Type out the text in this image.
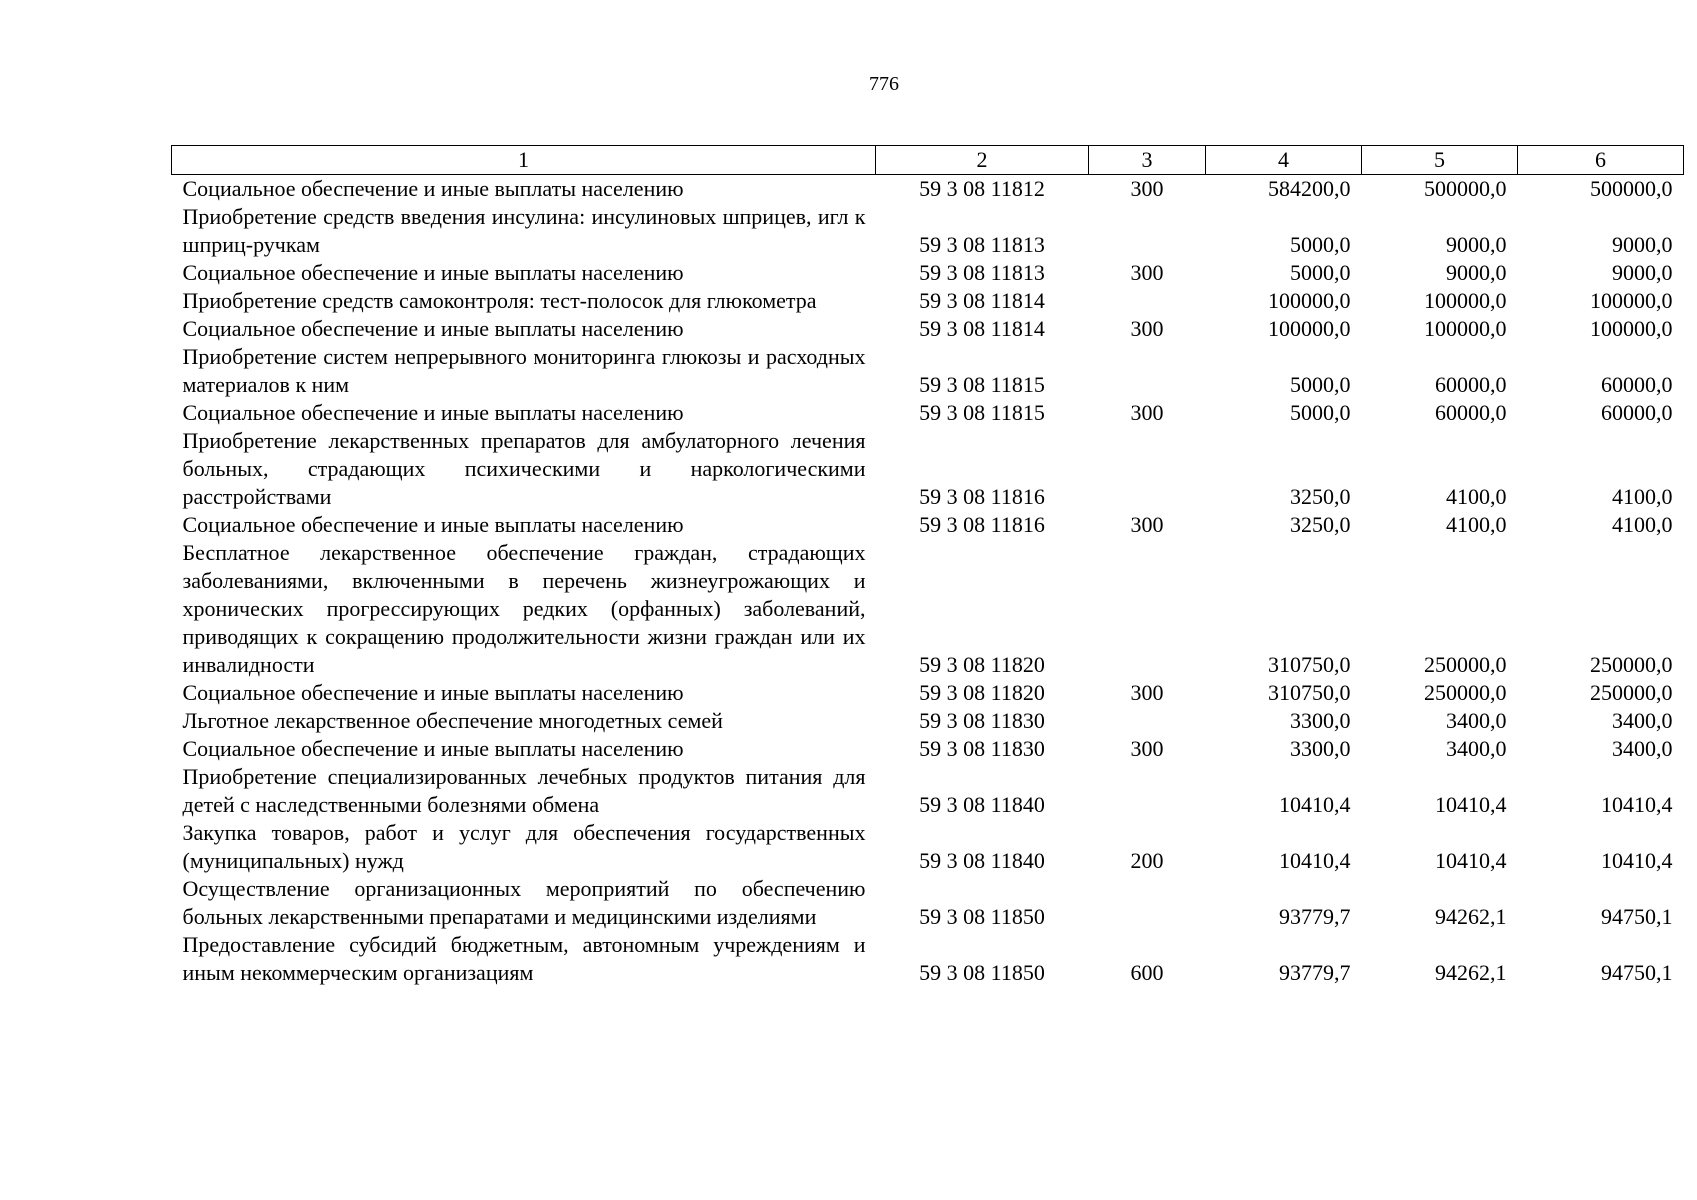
776
1	2	3	4	5	6
Социальное обеспечение и иные выплаты населению	59 3 08 11812	300	584200,0	500000,0	500000,0
Приобретение средств введения инсулина: инсулиновых шприцев, игл к шприц-ручкам	59 3 08 11813		5000,0	9000,0	9000,0
Социальное обеспечение и иные выплаты населению	59 3 08 11813	300	5000,0	9000,0	9000,0
Приобретение средств самоконтроля: тест-полосок для глюкометра	59 3 08 11814		100000,0	100000,0	100000,0
Социальное обеспечение и иные выплаты населению	59 3 08 11814	300	100000,0	100000,0	100000,0
Приобретение систем непрерывного мониторинга глюкозы и расходных материалов к ним	59 3 08 11815		5000,0	60000,0	60000,0
Социальное обеспечение и иные выплаты населению	59 3 08 11815	300	5000,0	60000,0	60000,0
Приобретение лекарственных препаратов для амбулаторного лечения больных, страдающих психическими и наркологическими расстройствами	59 3 08 11816		3250,0	4100,0	4100,0
Социальное обеспечение и иные выплаты населению	59 3 08 11816	300	3250,0	4100,0	4100,0
Бесплатное лекарственное обеспечение граждан, страдающих заболеваниями, включенными в перечень жизнеугрожающих и хронических прогрессирующих редких (орфанных) заболеваний, приводящих к сокращению продолжительности жизни граждан или их инвалидности	59 3 08 11820		310750,0	250000,0	250000,0
Социальное обеспечение и иные выплаты населению	59 3 08 11820	300	310750,0	250000,0	250000,0
Льготное лекарственное обеспечение многодетных семей	59 3 08 11830		3300,0	3400,0	3400,0
Социальное обеспечение и иные выплаты населению	59 3 08 11830	300	3300,0	3400,0	3400,0
Приобретение специализированных лечебных продуктов питания для детей с наследственными болезнями обмена	59 3 08 11840		10410,4	10410,4	10410,4
Закупка товаров, работ и услуг для обеспечения государственных (муниципальных) нужд	59 3 08 11840	200	10410,4	10410,4	10410,4
Осуществление организационных мероприятий по обеспечению больных лекарственными препаратами и медицинскими изделиями	59 3 08 11850		93779,7	94262,1	94750,1
Предоставление субсидий бюджетным, автономным учреждениям и иным некоммерческим организациям	59 3 08 11850	600	93779,7	94262,1	94750,1
